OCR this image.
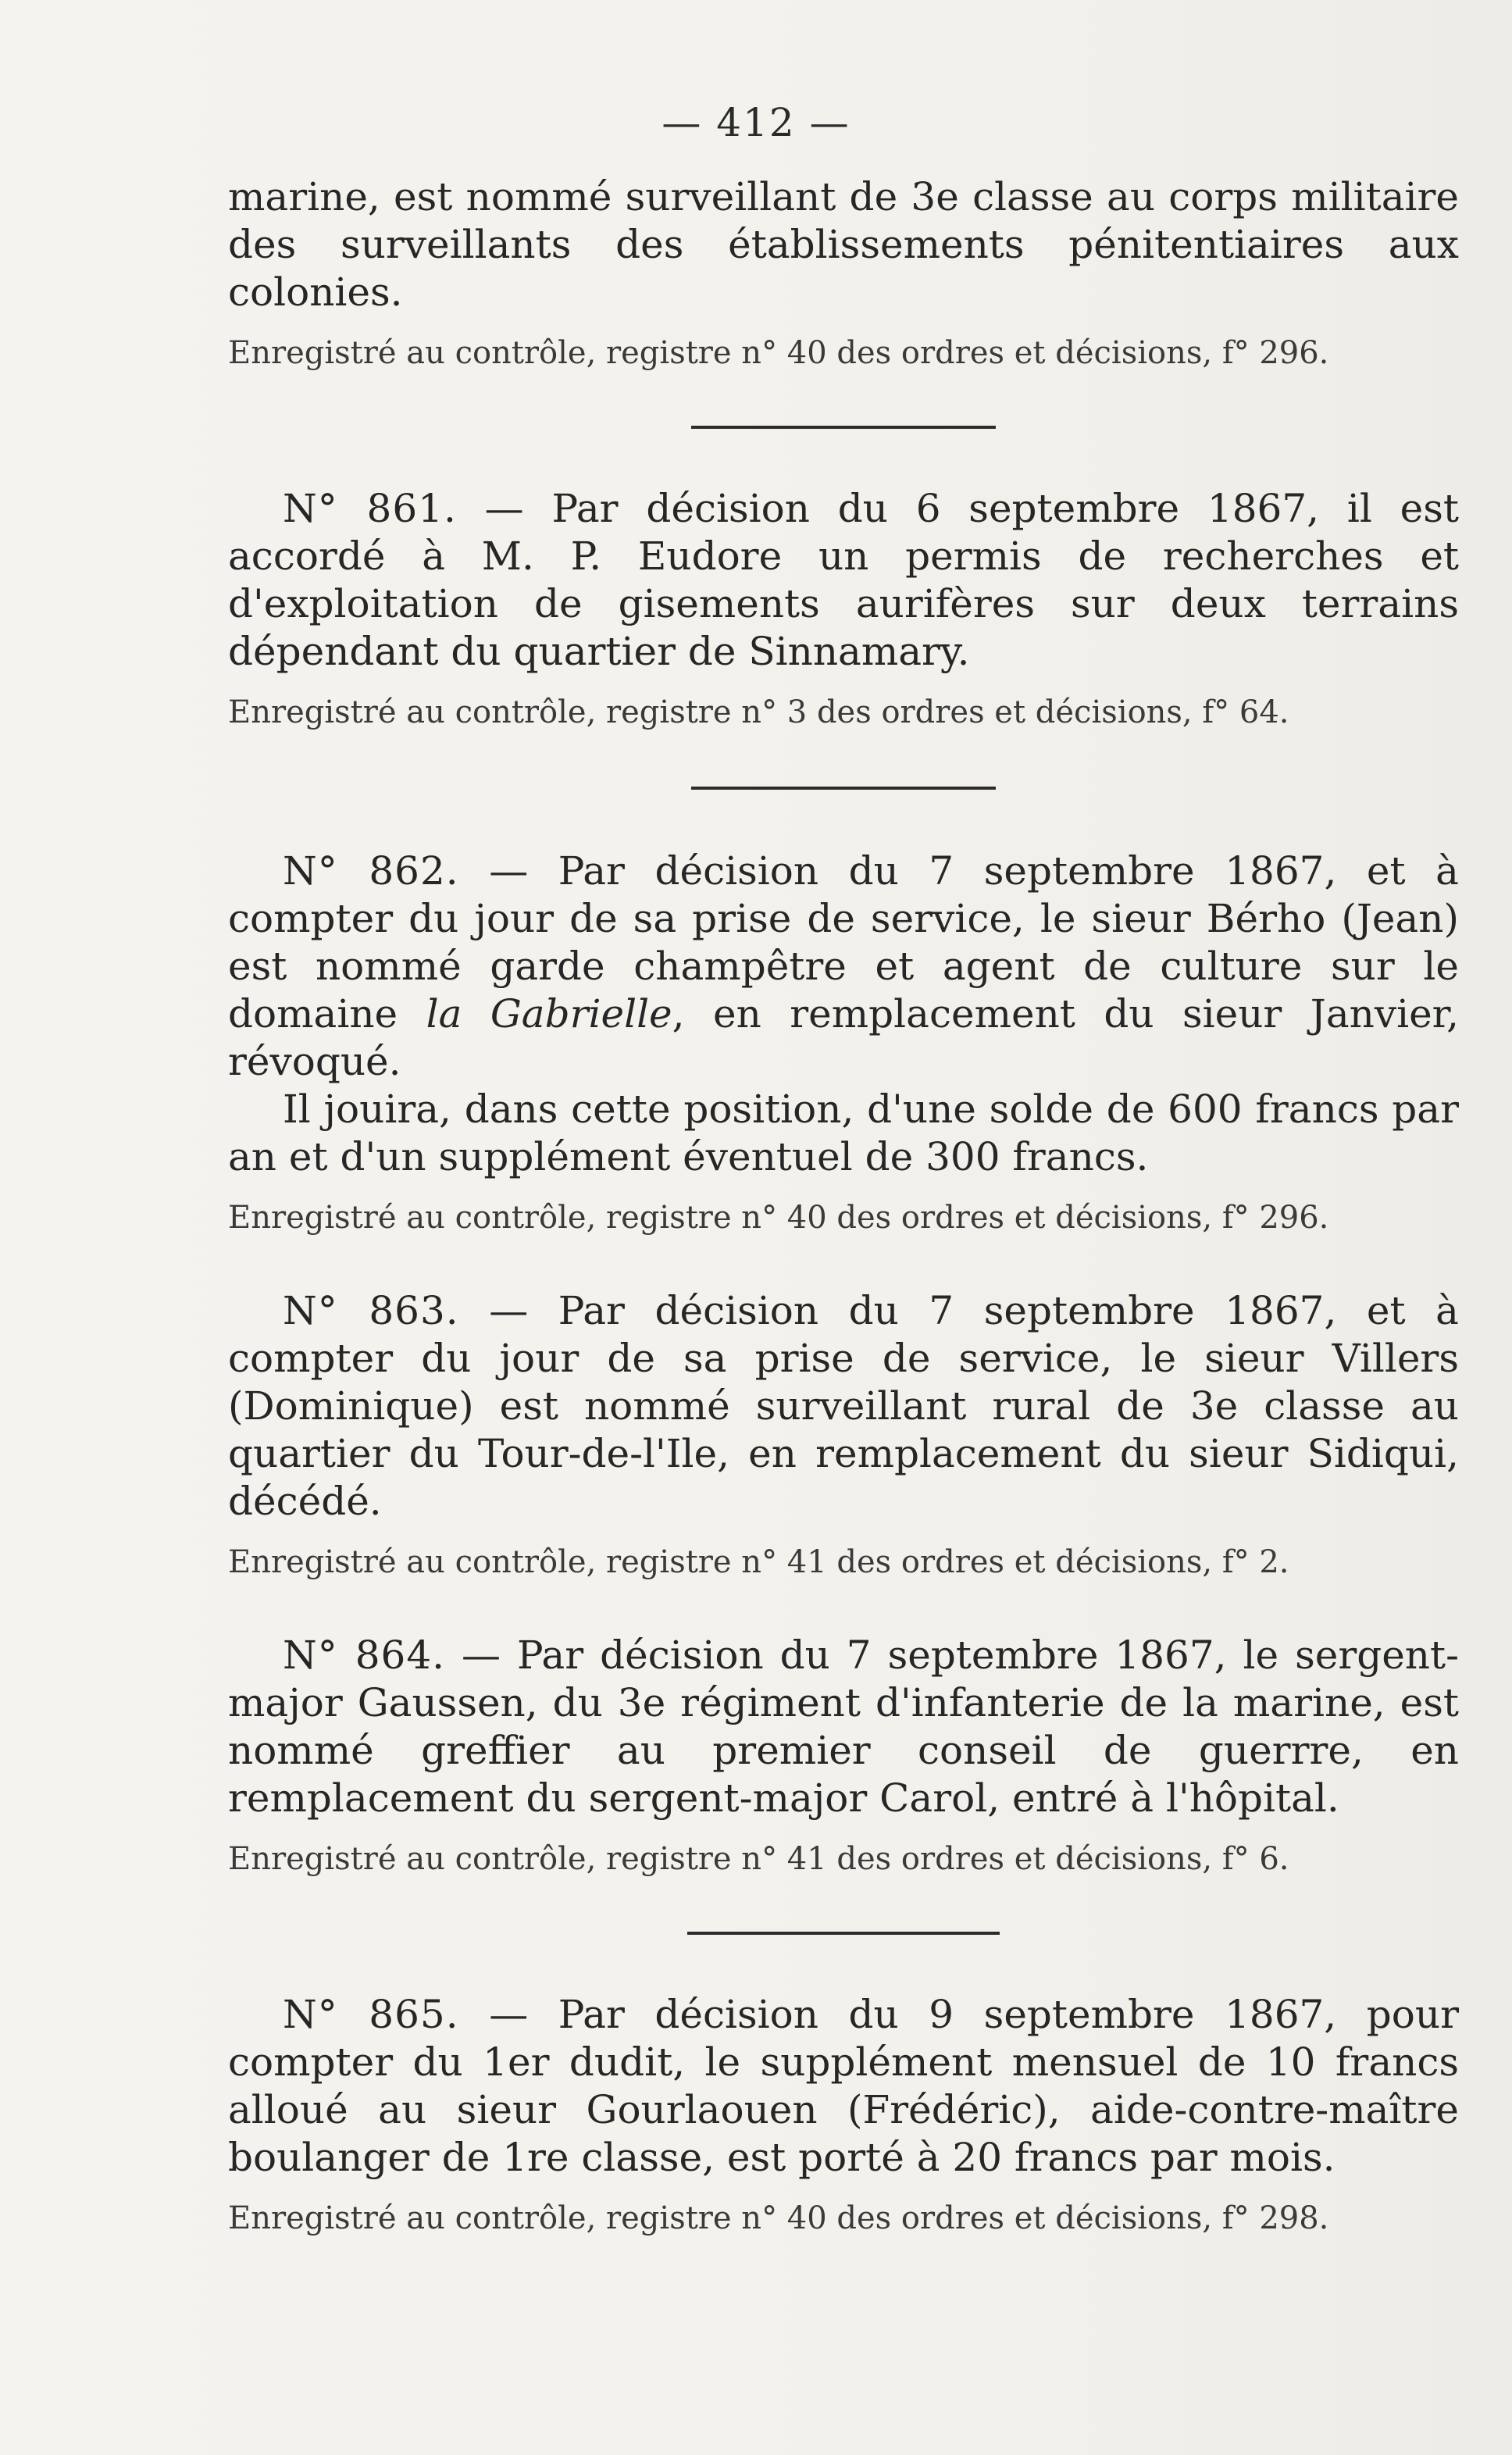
— 412 —

marine, est nommé surveillant de 3e classe au corps militaire des surveillants des établissements pénitentiaires aux colonies.

Enregistré au contrôle, registre n° 40 des ordres et décisions, f° 296.

N° 861. — Par décision du 6 septembre 1867, il est accordé à M. P. Eudore un permis de recherches et d'exploitation de gisements aurifères sur deux terrains dépendant du quartier de Sinnamary.

Enregistré au contrôle, registre n° 3 des ordres et décisions, f° 64.

N° 862. — Par décision du 7 septembre 1867, et à compter du jour de sa prise de service, le sieur Bérho (Jean) est nommé garde champêtre et agent de culture sur le domaine la Gabrielle, en remplacement du sieur Janvier, révoqué.

Il jouira, dans cette position, d'une solde de 600 francs par an et d'un supplément éventuel de 300 francs.

Enregistré au contrôle, registre n° 40 des ordres et décisions, f° 296.

N° 863. — Par décision du 7 septembre 1867, et à compter du jour de sa prise de service, le sieur Villers (Dominique) est nommé surveillant rural de 3e classe au quartier du Tour-de-l'Ile, en remplacement du sieur Sidiqui, décédé.

Enregistré au contrôle, registre n° 41 des ordres et décisions, f° 2.

N° 864. — Par décision du 7 septembre 1867, le sergent-major Gaussen, du 3e régiment d'infanterie de la marine, est nommé greffier au premier conseil de guerrre, en remplacement du sergent-major Carol, entré à l'hôpital.

Enregistré au contrôle, registre n° 41 des ordres et décisions, f° 6.

N° 865. — Par décision du 9 septembre 1867, pour compter du 1er dudit, le supplément mensuel de 10 francs alloué au sieur Gourlaouen (Frédéric), aide-contre-maître boulanger de 1re classe, est porté à 20 francs par mois.

Enregistré au contrôle, registre n° 40 des ordres et décisions, f° 298.
